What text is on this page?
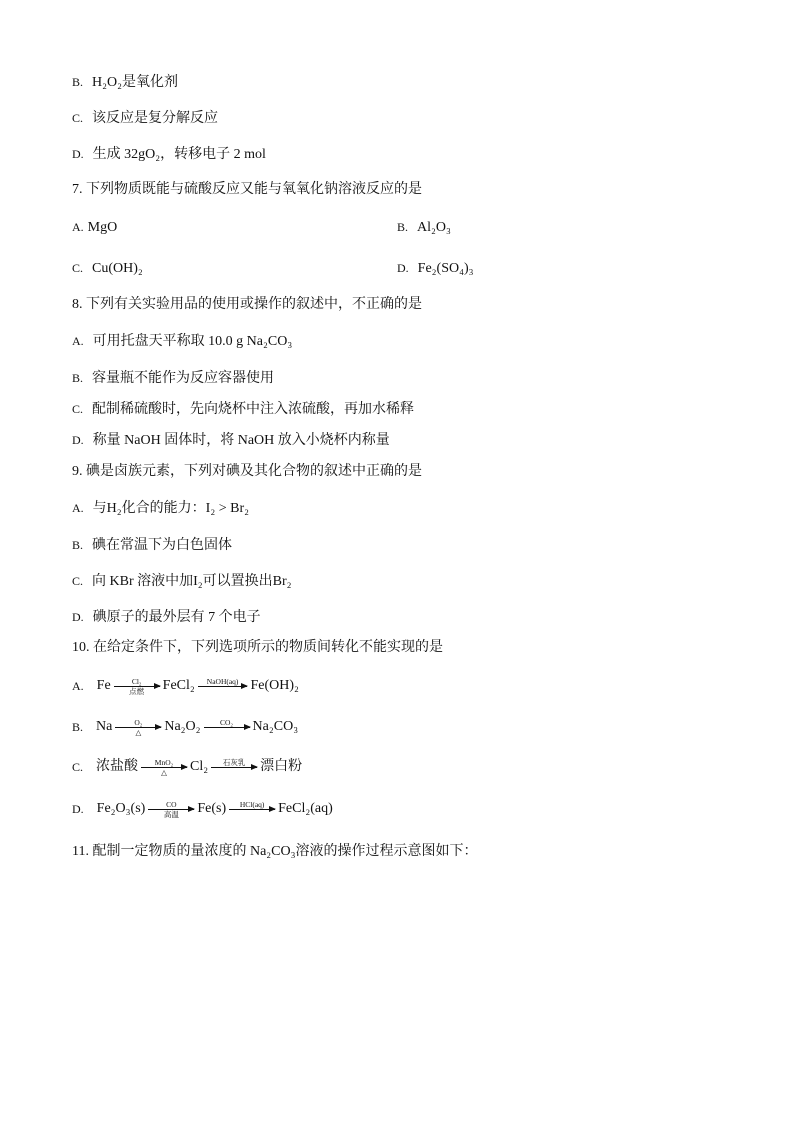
B. H₂O₂是氧化剂
C. 该反应是复分解反应
D. 生成 32gO₂，转移电子 2 mol
7. 下列物质既能与硫酸反应又能与氧氧化钠溶液反应的是
A. MgO	B. Al₂O₃
C. Cu(OH)₂	D. Fe₂(SO₄)₃
8. 下列有关实验用品的使用或操作的叙述中，不正确的是
A. 可用托盘天平称取 10.0 g Na₂CO₃
B. 容量瓶不能作为反应容器使用
C. 配制稀硫酸时，先向烧杯中注入浓硫酸，再加水稀释
D. 称量 NaOH 固体时，将 NaOH 放入小烧杯内称量
9. 碘是卤族元素，下列对碘及其化合物的叙述中正确的是
A. 与H₂化合的能力：I₂ > Br₂
B. 碘在常温下为白色固体
C. 向 KBr 溶液中加I₂可以置换出Br₂
D. 碘原子的最外层有 7 个电子
10. 在给定条件下，下列选项所示的物质间转化不能实现的是
A. Fe	Cl₂
点燃	FeCl₂	NaOH(aq) Fe(OH)₂
B. Na	O₂
△	Na₂O₂	CO₂	Na₂CO₃
C. 浓盐酸	MnO₂
△	Cl₂	石灰乳	漂白粉
D. Fe₂O₃(s)	CO
高温	Fe(s)	HCl(aq) FeCl₂(aq)
11. 配制一定物质的量浓度的 Na₂CO₃溶液的操作过程示意图如下：
